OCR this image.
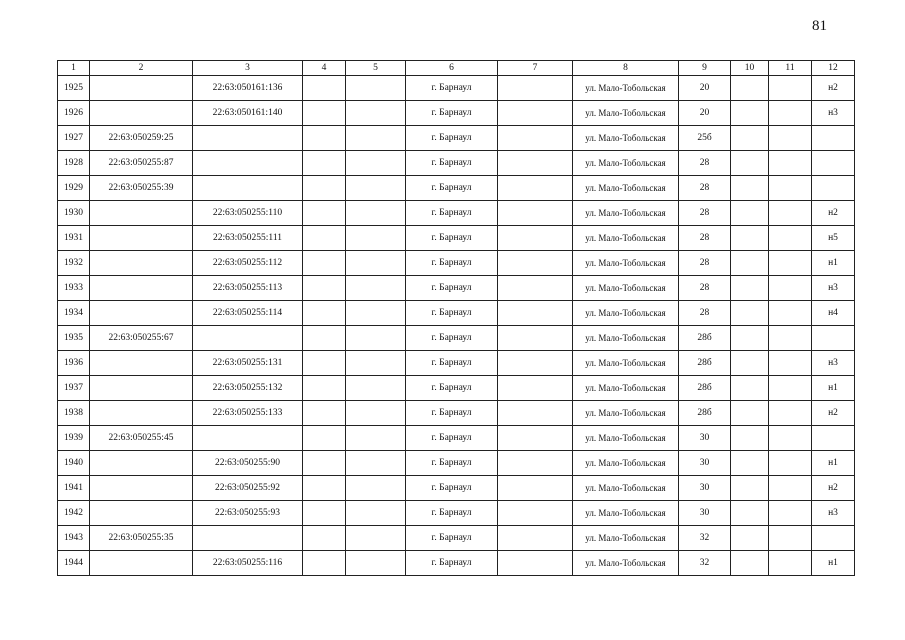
81
1	2	3	4	5	6	7	8	9	10	11	12
1925		22:63:050161:136			г. Барнаул		ул. Мало-Тобольская	20			н2
1926		22:63:050161:140			г. Барнаул		ул. Мало-Тобольская	20			н3
1927	22:63:050259:25				г. Барнаул		ул. Мало-Тобольская	25б			
1928	22:63:050255:87				г. Барнаул		ул. Мало-Тобольская	28			
1929	22:63:050255:39				г. Барнаул		ул. Мало-Тобольская	28			
1930		22:63:050255:110			г. Барнаул		ул. Мало-Тобольская	28			н2
1931		22:63:050255:111			г. Барнаул		ул. Мало-Тобольская	28			н5
1932		22:63:050255:112			г. Барнаул		ул. Мало-Тобольская	28			н1
1933		22:63:050255:113			г. Барнаул		ул. Мало-Тобольская	28			н3
1934		22:63:050255:114			г. Барнаул		ул. Мало-Тобольская	28			н4
1935	22:63:050255:67				г. Барнаул		ул. Мало-Тобольская	28б			
1936		22:63:050255:131			г. Барнаул		ул. Мало-Тобольская	28б			н3
1937		22:63:050255:132			г. Барнаул		ул. Мало-Тобольская	28б			н1
1938		22:63:050255:133			г. Барнаул		ул. Мало-Тобольская	28б			н2
1939	22:63:050255:45				г. Барнаул		ул. Мало-Тобольская	30			
1940		22:63:050255:90			г. Барнаул		ул. Мало-Тобольская	30			н1
1941		22:63:050255:92			г. Барнаул		ул. Мало-Тобольская	30			н2
1942		22:63:050255:93			г. Барнаул		ул. Мало-Тобольская	30			н3
1943	22:63:050255:35				г. Барнаул		ул. Мало-Тобольская	32			
1944		22:63:050255:116			г. Барнаул		ул. Мало-Тобольская	32			н1
